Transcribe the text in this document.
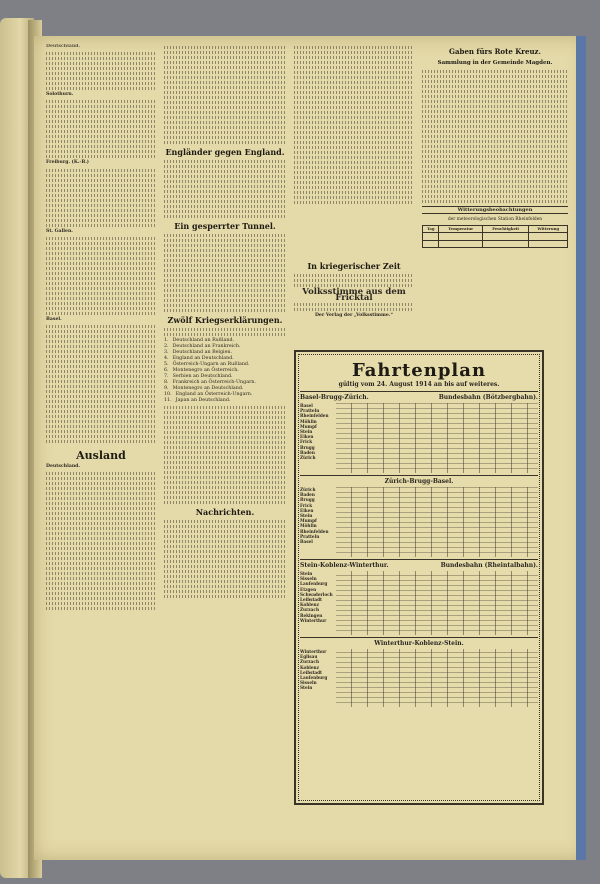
Deutschland.

Solothurn.

Freiburg. (K.-B.)

St. Gallen.

Basel.

Ausland

Deutschland.

Engländer gegen England.
Ein gesperrter Tunnel.
Zwölf Kriegserklärungen.
1. Deutschland an Rußland.
2. Deutschland an Frankreich.
3. Deutschland an Belgien.
4. England an Deutschland.
5. Österreich-Ungarn an Rußland.
6. Montenegro an Österreich.
7. Serbien an Deutschland.
8. Frankreich an Österreich-Ungarn.
9. Montenegro an Deutschland.
10. England an Österreich-Ungarn.
11. Japan an Deutschland.
Nachrichten.
Gaben fürs Rote Kreuz.
Sammlung in der Gemeinde Magden.
Witterungsbeobachtungen
der meteorologischen Station Rheinfelden
Tag	Temperatur	Feuchtigkeit	Witterung

In kriegerischer Zeit
Volksstimme aus dem Fricktal
Der Verlag der „Volksstimme.“
Fahrtenplan
gültig vom 24. August 1914 an bis auf weiteres.
Basel-Brugg-Zürich.	Bundesbahn (Bötzbergbahn).
Basel
Pratteln
Rheinfelden
Möhlin
Mumpf
Stein
Eiken
Frick
Brugg
Baden
Zürich
Zürich-Brugg-Basel.
Zürich
Baden
Brugg
Frick
Eiken
Stein
Mumpf
Möhlin
Rheinfelden
Pratteln
Basel
Stein-Koblenz-Winterthur.	Bundesbahn (Rheintalbahn).
Stein
Sisseln
Laufenburg
Etzgen
Schwaderloch
Leibstadt
Koblenz
Zurzach
Rekingen
Winterthur
Winterthur-Koblenz-Stein.
Winterthur
Eglisau
Zurzach
Koblenz
Leibstadt
Laufenburg
Sisseln
Stein
